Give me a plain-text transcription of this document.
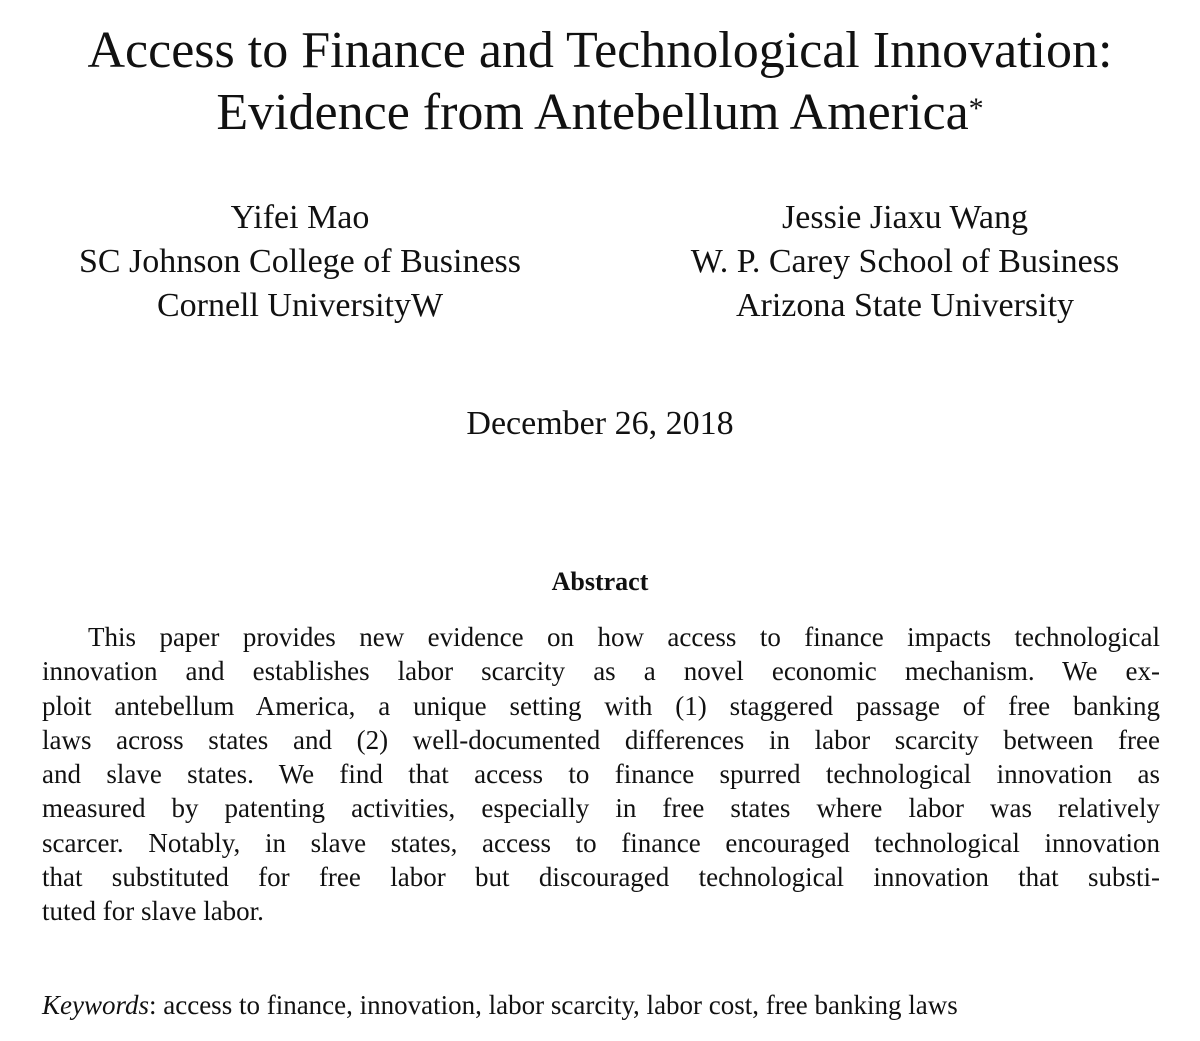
Access to Finance and Technological Innovation:
Evidence from Antebellum America*
Yifei Mao
SC Johnson College of Business
Cornell UniversityW
Jessie Jiaxu Wang
W. P. Carey School of Business
Arizona State University
December 26, 2018
Abstract
This paper provides new evidence on how access to finance impacts technological
innovation and establishes labor scarcity as a novel economic mechanism. We ex-
ploit antebellum America, a unique setting with (1) staggered passage of free banking
laws across states and (2) well-documented differences in labor scarcity between free
and slave states. We find that access to finance spurred technological innovation as
measured by patenting activities, especially in free states where labor was relatively
scarcer. Notably, in slave states, access to finance encouraged technological innovation
that substituted for free labor but discouraged technological innovation that substi-
tuted for slave labor.
Keywords: access to finance, innovation, labor scarcity, labor cost, free banking laws
